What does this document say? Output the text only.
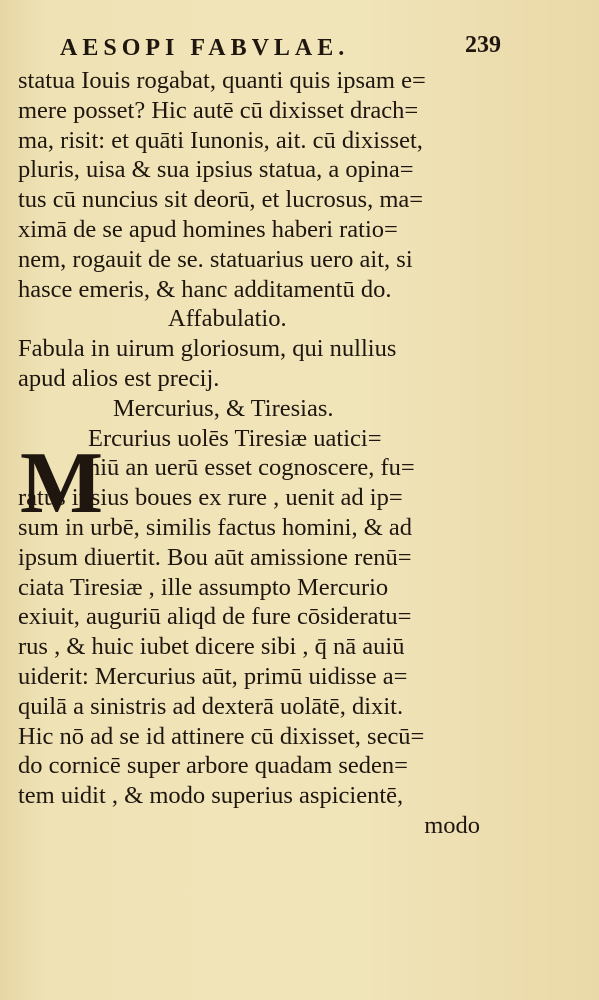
AESOPI FABVLAE.	239
statua Iouis rogabat, quanti quis ipsam e=
mere posset? Hic autē cū dixisset drach=
ma, risit: et quāti Iunonis, ait. cū dixisset,
pluris, uisa & sua ipsius statua, a opina=
tus cū nuncius sit deorū, et lucrosus, ma=
ximā de se apud homines haberi ratio=
nem, rogauit de se. statuarius uero ait, si
hasce emeris, & hanc additamentū do.
Affabulatio.
Fabula in uirum gloriosum, qui nullius
apud alios est precij.
Mercurius, & Tiresias.
Ercurius uolēs Tiresiæ uatici=
niū an uerū esset cognoscere, fu=
ratus ipsius boues ex rure , uenit ad ip=
sum in urbē, similis factus homini, & ad
ipsum diuertit. Bou aūt amissione renū=
ciata Tiresiæ , ille assumpto Mercurio
exiuit, auguriū aliqd de fure cōsideratu=
rus , & huic iubet dicere sibi , q̄ nā auiū
uiderit: Mercurius aūt, primū uidisse a=
quilā a sinistris ad dexterā uolātē, dixit.
Hic nō ad se id attinere cū dixisset, secū=
do cornicē super arbore quadam seden=
tem uidit , & modo superius aspicientē,
modo
M
